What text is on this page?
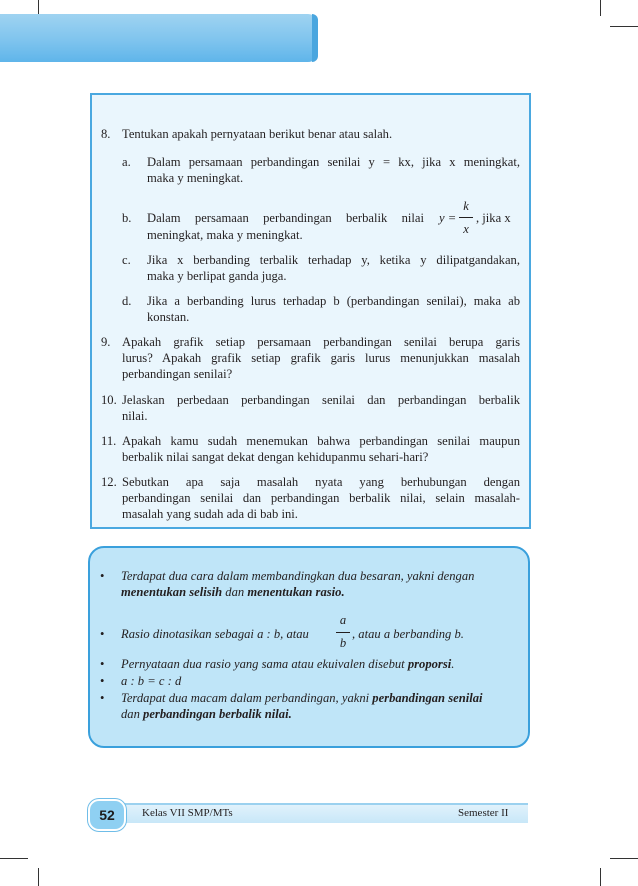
8. Tentukan apakah pernyataan berikut benar atau salah.
a. Dalam persamaan perbandingan senilai y = kx, jika x meningkat,
maka y meningkat.
b. Dalam persamaan perbandingan berbalik nilai y =
k
x
, jika x
meningkat, maka y meningkat.
c. Jika x berbanding terbalik terhadap y, ketika y dilipatgandakan,
maka y berlipat ganda juga.
d. Jika a berbanding lurus terhadap b (perbandingan senilai), maka ab
konstan.
9. Apakah grafik setiap persamaan perbandingan senilai berupa garis
lurus? Apakah grafik setiap grafik garis lurus menunjukkan masalah
perbandingan senilai?
10. Jelaskan perbedaan perbandingan senilai dan perbandingan berbalik
nilai.
11. Apakah kamu sudah menemukan bahwa perbandingan senilai maupun
berbalik nilai sangat dekat dengan kehidupanmu sehari-hari?
12. Sebutkan apa saja masalah nyata yang berhubungan dengan
perbandingan senilai dan perbandingan berbalik nilai, selain masalah-
masalah yang sudah ada di bab ini.
• Terdapat dua cara dalam membandingkan dua besaran, yakni dengan
menentukan selisih dan menentukan rasio.
• Rasio dinotasikan sebagai a : b, atau
a
b
, atau a berbanding b.
• Pernyataan dua rasio yang sama atau ekuivalen disebut proporsi.
• a : b = c : d
• Terdapat dua macam dalam perbandingan, yakni perbandingan senilai
dan perbandingan berbalik nilai.
52	Kelas VII SMP/MTs	Semester II
